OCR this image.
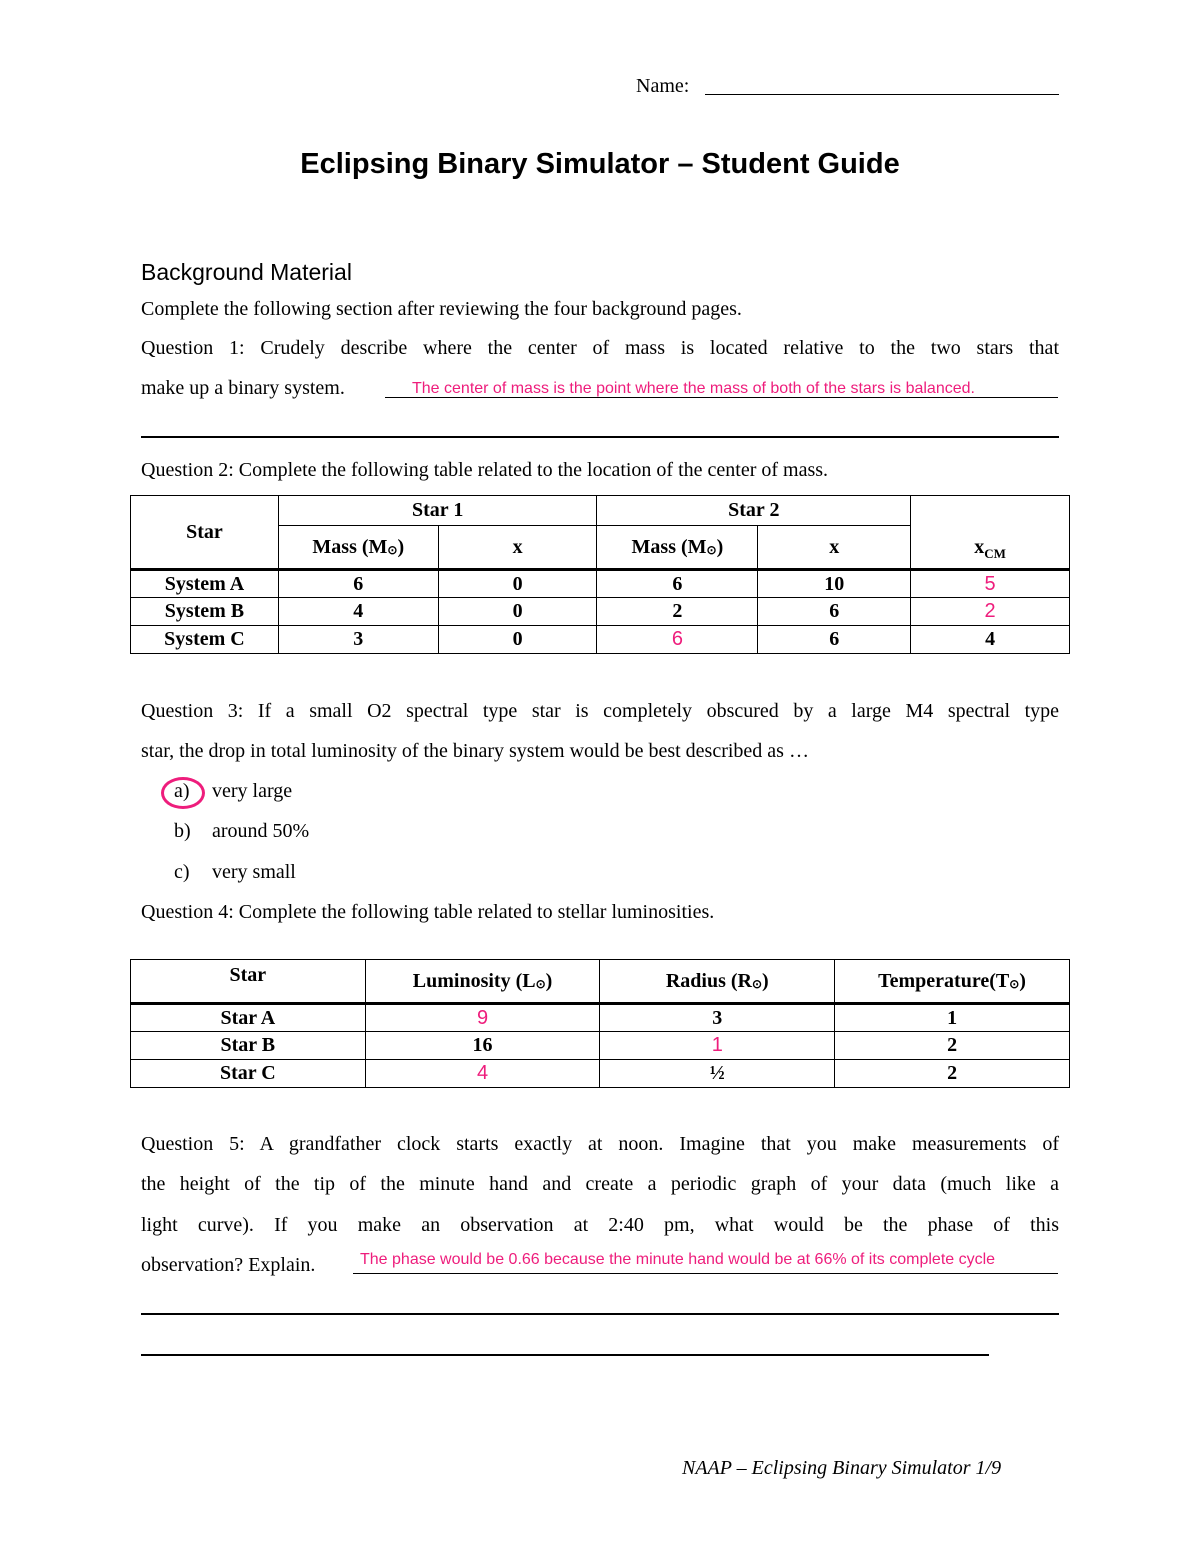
Name:
Eclipsing Binary Simulator – Student Guide
Background Material
Complete the following section after reviewing the four background pages.
Question 1: Crudely describe where the center of mass is located relative to the two stars that
make up a binary system.	The center of mass is the point where the mass of both of the stars is balanced.
Question 2: Complete the following table related to the location of the center of mass.
Star	Star 1		Star 2		$x_{CM}$
	Mass $(M_⊙)$	x	Mass $(M_⊙)$	x	
System A	6	0	6	10	5
System B	4	0	2	6	2
System C	3	0	6	6	4
Question 3: If a small O2 spectral type star is completely obscured by a large M4 spectral type
star, the drop in total luminosity of the binary system would be best described as …
a) very large
b) around 50%
c) very small
Question 4: Complete the following table related to stellar luminosities.
Star	Luminosity $(L_⊙)$	Radius $(R_⊙)$	$Temperature(T_⊙)$
Star A	9	3	1
Star B	16	1	2
Star C	4	½	2
Question 5: A grandfather clock starts exactly at noon. Imagine that you make measurements of
the height of the tip of the minute hand and create a periodic graph of your data (much like a
light curve). If you make an observation at 2:40 pm, what would be the phase of this
observation? Explain.	The phase would be 0.66 because the minute hand would be at 66% of its complete cycle
NAAP – Eclipsing Binary Simulator 1/9
